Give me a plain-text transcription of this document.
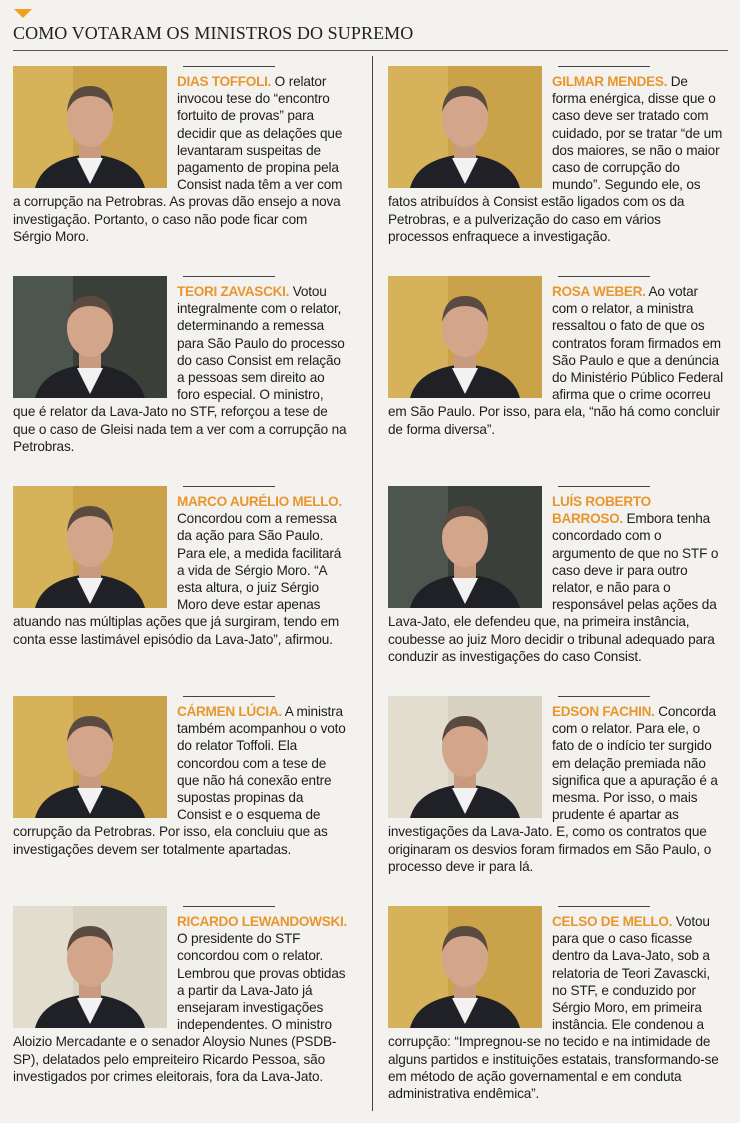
COMO VOTARAM OS MINISTROS DO SUPREMO

DIAS TOFFOLI. O relator invocou tese do “encontro fortuito de provas” para decidir que as delações que levantaram suspeitas de pagamento de propina pela Consist nada têm a ver com a corrupção na Petrobras. As provas dão ensejo a nova investigação. Portanto, o caso não pode ficar com Sérgio Moro.

TEORI ZAVASCKI. Votou integralmente com o relator, determinando a remessa para São Paulo do processo do caso Consist em relação a pessoas sem direito ao foro especial. O ministro, que é relator da Lava-Jato no STF, reforçou a tese de que o caso de Gleisi nada tem a ver com a corrupção na Petrobras.

MARCO AURÉLIO MELLO. Concordou com a remessa da ação para São Paulo. Para ele, a medida facilitará a vida de Sérgio Moro. “A esta altura, o juiz Sérgio Moro deve estar apenas atuando nas múltiplas ações que já surgiram, tendo em conta esse lastimável episódio da Lava-Jato”, afirmou.

CÁRMEN LÚCIA. A ministra também acompanhou o voto do relator Toffoli. Ela concordou com a tese de que não há conexão entre supostas propinas da Consist e o esquema de corrupção da Petrobras. Por isso, ela concluiu que as investigações devem ser totalmente apartadas.

RICARDO LEWANDOWSKI. O presidente do STF concordou com o relator. Lembrou que provas obtidas a partir da Lava-Jato já ensejaram investigações independentes. O ministro Aloizio Mercadante e o senador Aloysio Nunes (PSDB-SP), delatados pelo empreiteiro Ricardo Pessoa, são investigados por crimes eleitorais, fora da Lava-Jato.

GILMAR MENDES. De forma enérgica, disse que o caso deve ser tratado com cuidado, por se tratar “de um dos maiores, se não o maior caso de corrupção do mundo”. Segundo ele, os fatos atribuídos à Consist estão ligados com os da Petrobras, e a pulverização do caso em vários processos enfraquece a investigação.

ROSA WEBER. Ao votar com o relator, a ministra ressaltou o fato de que os contratos foram firmados em São Paulo e que a denúncia do Ministério Público Federal afirma que o crime ocorreu em São Paulo. Por isso, para ela, “não há como concluir de forma diversa”.

LUÍS ROBERTO BARROSO. Embora tenha concordado com o argumento de que no STF o caso deve ir para outro relator, e não para o responsável pelas ações da Lava-Jato, ele defendeu que, na primeira instância, coubesse ao juiz Moro decidir o tribunal adequado para conduzir as investigações do caso Consist.

EDSON FACHIN. Concorda com o relator. Para ele, o fato de o indício ter surgido em delação premiada não significa que a apuração é a mesma. Por isso, o mais prudente é apartar as investigações da Lava-Jato. E, como os contratos que originaram os desvios foram firmados em São Paulo, o processo deve ir para lá.

CELSO DE MELLO. Votou para que o caso ficasse dentro da Lava-Jato, sob a relatoria de Teori Zavascki, no STF, e conduzido por Sérgio Moro, em primeira instância. Ele condenou a corrupção: “Impregnou-se no tecido e na intimidade de alguns partidos e instituições estatais, transformando-se em método de ação governamental e em conduta administrativa endêmica”.
